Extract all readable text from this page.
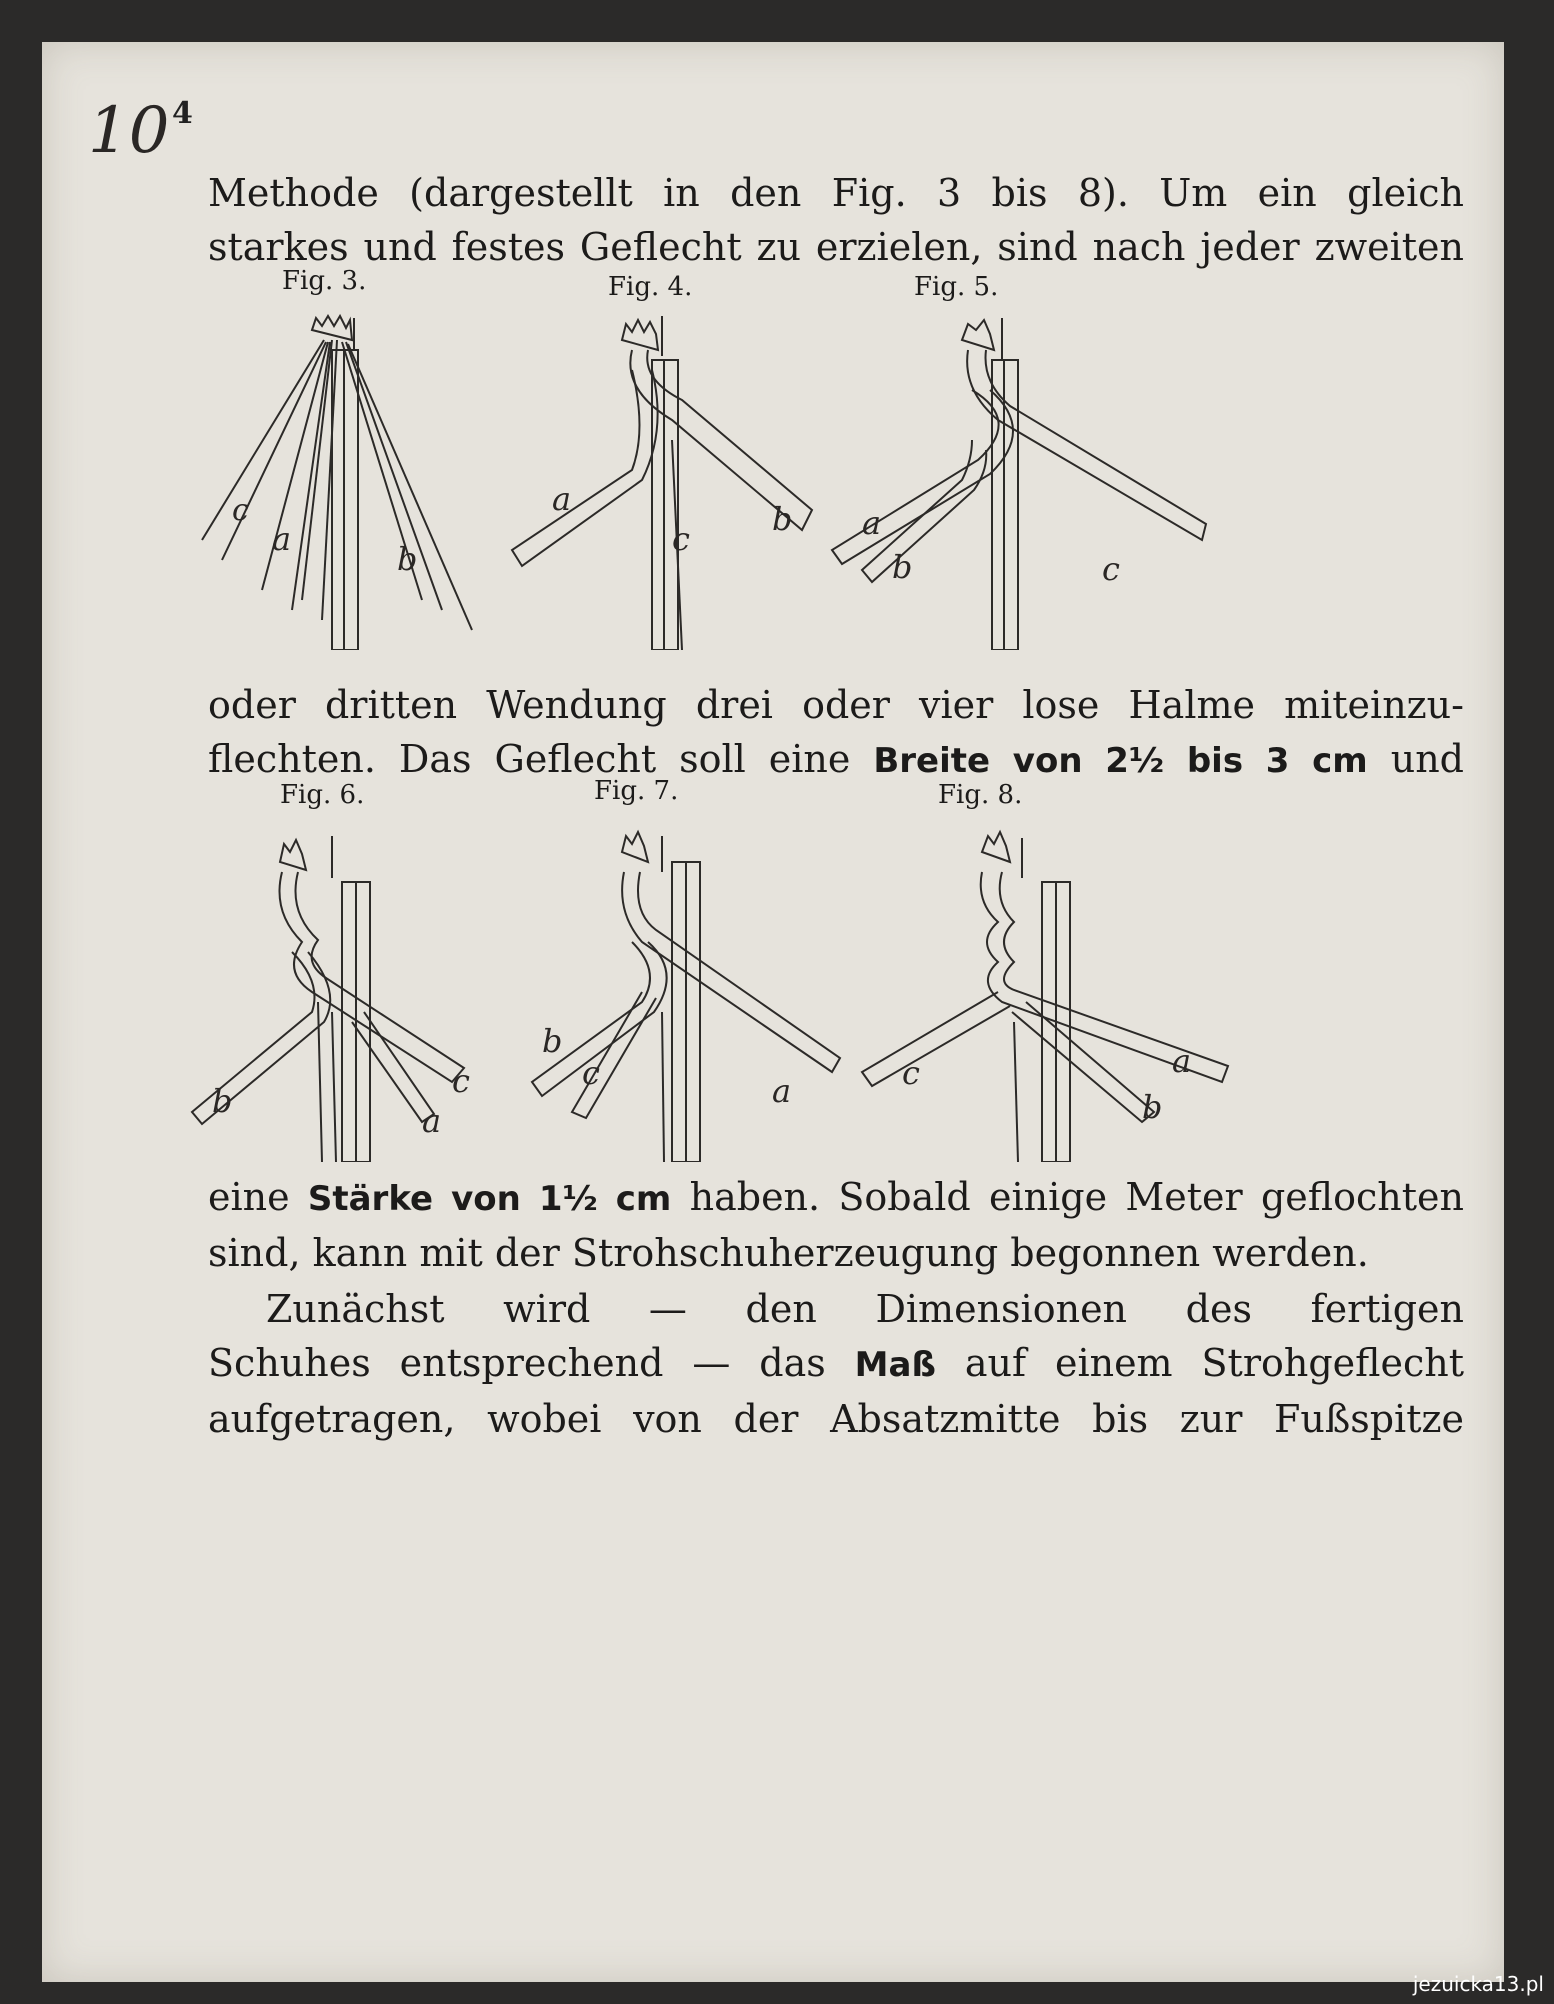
10 4

Methode (dargestellt in den Fig. 3 bis 8). Um ein gleich

starkes und festes Geflecht zu erzielen, sind nach jeder zweiten

Fig. 3.	Fig. 4.	Fig. 5.
c
a
b
a
c
b a
b	c

oder dritten Wendung drei oder vier lose Halme miteinzu-

flechten. Das Geflecht soll eine Breite von 2½ bis 3 cm und

Fig. 6.	Fig. 7.	Fig. 8.
b
c
a
b
c	a	c	a
b

eine Stärke von 1½ cm haben. Sobald einige Meter geflochten

sind, kann mit der Strohschuherzeugung begonnen werden.

Zunächst wird — den Dimensionen des fertigen

Schuhes entsprechend — das Maß auf einem Strohgeflecht

aufgetragen, wobei von der Absatzmitte bis zur Fußspitze

jezuicka13.pl
